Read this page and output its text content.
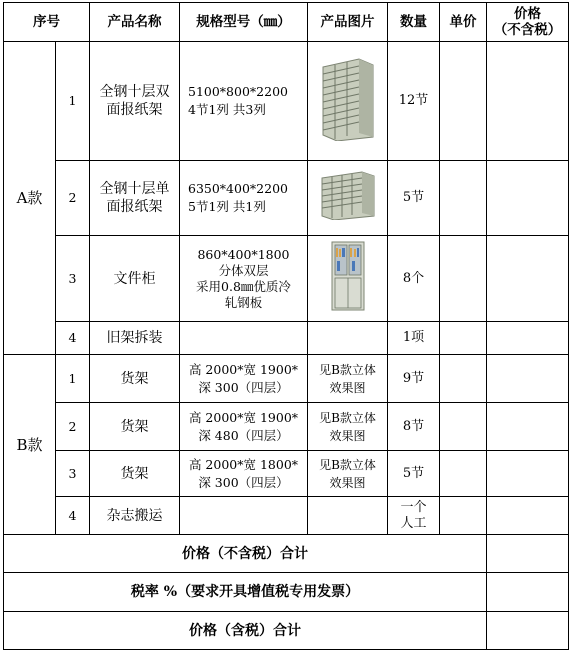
序号		产品名称	规格型号（㎜）	产品图片	数量	单价	价格
（不含税）
A款	1	全钢十层双
面报纸架	5100*800*2200
4节1列 共3列		12节		
	2	全钢十层单
面报纸架	6350*400*2200
5节1列 共1列		5节		
	3	文件柜	860*400*1800
分体双层
采用0.8㎜优质冷
轧钢板		8个		
	4	旧架拆装			1项		
B款	1	货架	高 2000*宽 1900*
深 300（四层）	见B款立体
效果图	9节		
	2	货架	高 2000*宽 1900*
深 480（四层）	见B款立体
效果图	8节		
	3	货架	高 2000*宽 1800*
深 300（四层）	见B款立体
效果图	5节		
	4	杂志搬运			一个
人工		
价格（不含税）合计							
税率 %（要求开具增值税专用发票）							
价格（含税）合计							
